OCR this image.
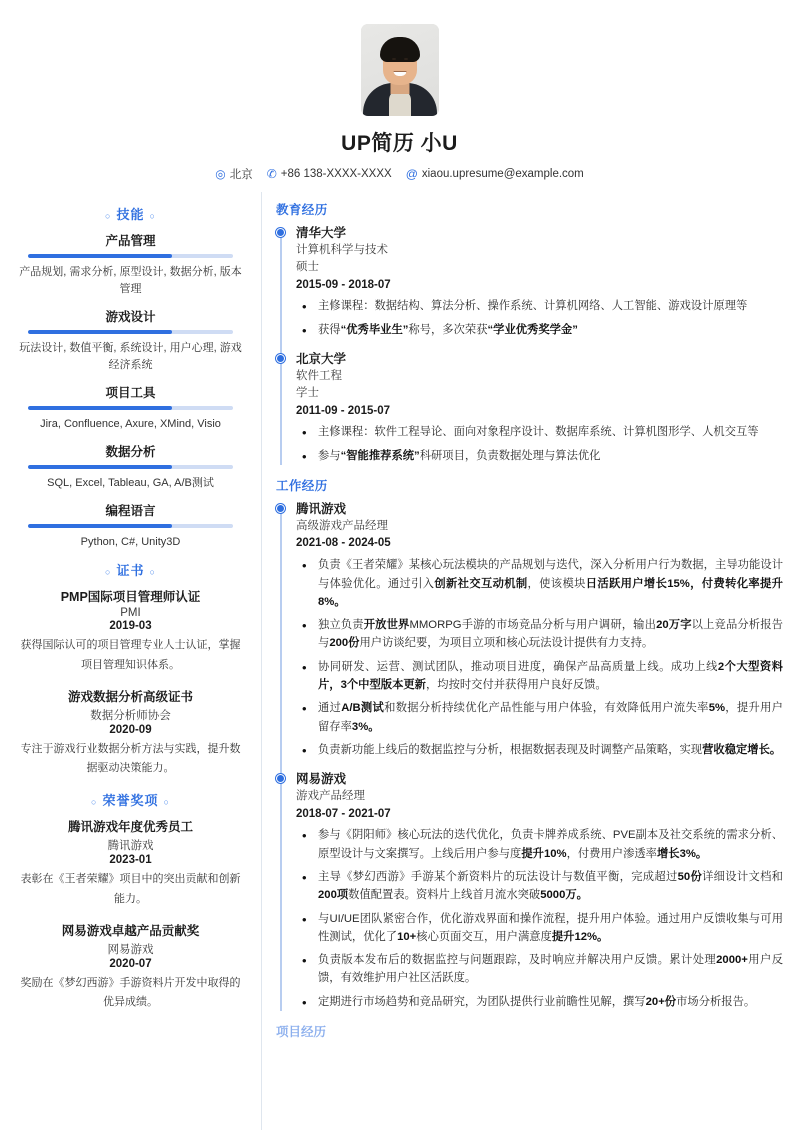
UP简历 小U
◎ 北京 ✆ +86 138-XXXX-XXXX @ xiaou.upresume@example.com
○ 技能 ○
产品管理
产品规划, 需求分析, 原型设计, 数据分析, 版本管理
游戏设计
玩法设计, 数值平衡, 系统设计, 用户心理, 游戏经济系统
项目工具
Jira, Confluence, Axure, XMind, Visio
数据分析
SQL, Excel, Tableau, GA, A/B测试
编程语言
Python, C#, Unity3D
○ 证书 ○
PMP国际项目管理师认证
PMI
2019-03
获得国际认可的项目管理专业人士认证，掌握项目管理知识体系。
游戏数据分析高级证书
数据分析师协会
2020-09
专注于游戏行业数据分析方法与实践，提升数据驱动决策能力。
○ 荣誉奖项 ○
腾讯游戏年度优秀员工
腾讯游戏
2023-01
表彰在《王者荣耀》项目中的突出贡献和创新能力。
网易游戏卓越产品贡献奖
网易游戏
2020-07
奖励在《梦幻西游》手游资料片开发中取得的优异成绩。
教育经历
清华大学
计算机科学与技术
硕士
2015-09 - 2018-07
• 主修课程：数据结构、算法分析、操作系统、计算机网络、人工智能、游戏设计原理等
• 获得“优秀毕业生”称号，多次荣获“学业优秀奖学金”
北京大学
软件工程
学士
2011-09 - 2015-07
• 主修课程：软件工程导论、面向对象程序设计、数据库系统、计算机图形学、人机交互等
• 参与“智能推荐系统”科研项目，负责数据处理与算法优化
工作经历
腾讯游戏
高级游戏产品经理
2021-08 - 2024-05
• 负责《王者荣耀》某核心玩法模块的产品规划与迭代，深入分析用户行为数据，主导功能设计与体验优化。通过引入创新社交互动机制，使该模块日活跃用户增长15%，付费转化率提升8%。
• 独立负责开放世界MMORPG手游的市场竞品分析与用户调研，输出20万字以上竞品分析报告与200份用户访谈纪要，为项目立项和核心玩法设计提供有力支持。
• 协同研发、运营、测试团队，推动项目进度，确保产品高质量上线。成功上线2个大型资料片，3个中型版本更新，均按时交付并获得用户良好反馈。
• 通过A/B测试和数据分析持续优化产品性能与用户体验，有效降低用户流失率5%，提升用户留存率3%。
• 负责新功能上线后的数据监控与分析，根据数据表现及时调整产品策略，实现营收稳定增长。
网易游戏
游戏产品经理
2018-07 - 2021-07
• 参与《阴阳师》核心玩法的迭代优化，负责卡牌养成系统、PVE副本及社交系统的需求分析、原型设计与文案撰写。上线后用户参与度提升10%，付费用户渗透率增长3%。
• 主导《梦幻西游》手游某个新资料片的玩法设计与数值平衡，完成超过50份详细设计文档和200项数值配置表。资料片上线首月流水突破5000万。
• 与UI/UE团队紧密合作，优化游戏界面和操作流程，提升用户体验。通过用户反馈收集与可用性测试，优化了10+核心页面交互，用户满意度提升12%。
• 负责版本发布后的数据监控与问题跟踪，及时响应并解决用户反馈。累计处理2000+用户反馈，有效维护用户社区活跃度。
• 定期进行市场趋势和竞品研究，为团队提供行业前瞻性见解，撰写20+份市场分析报告。
项目经历
